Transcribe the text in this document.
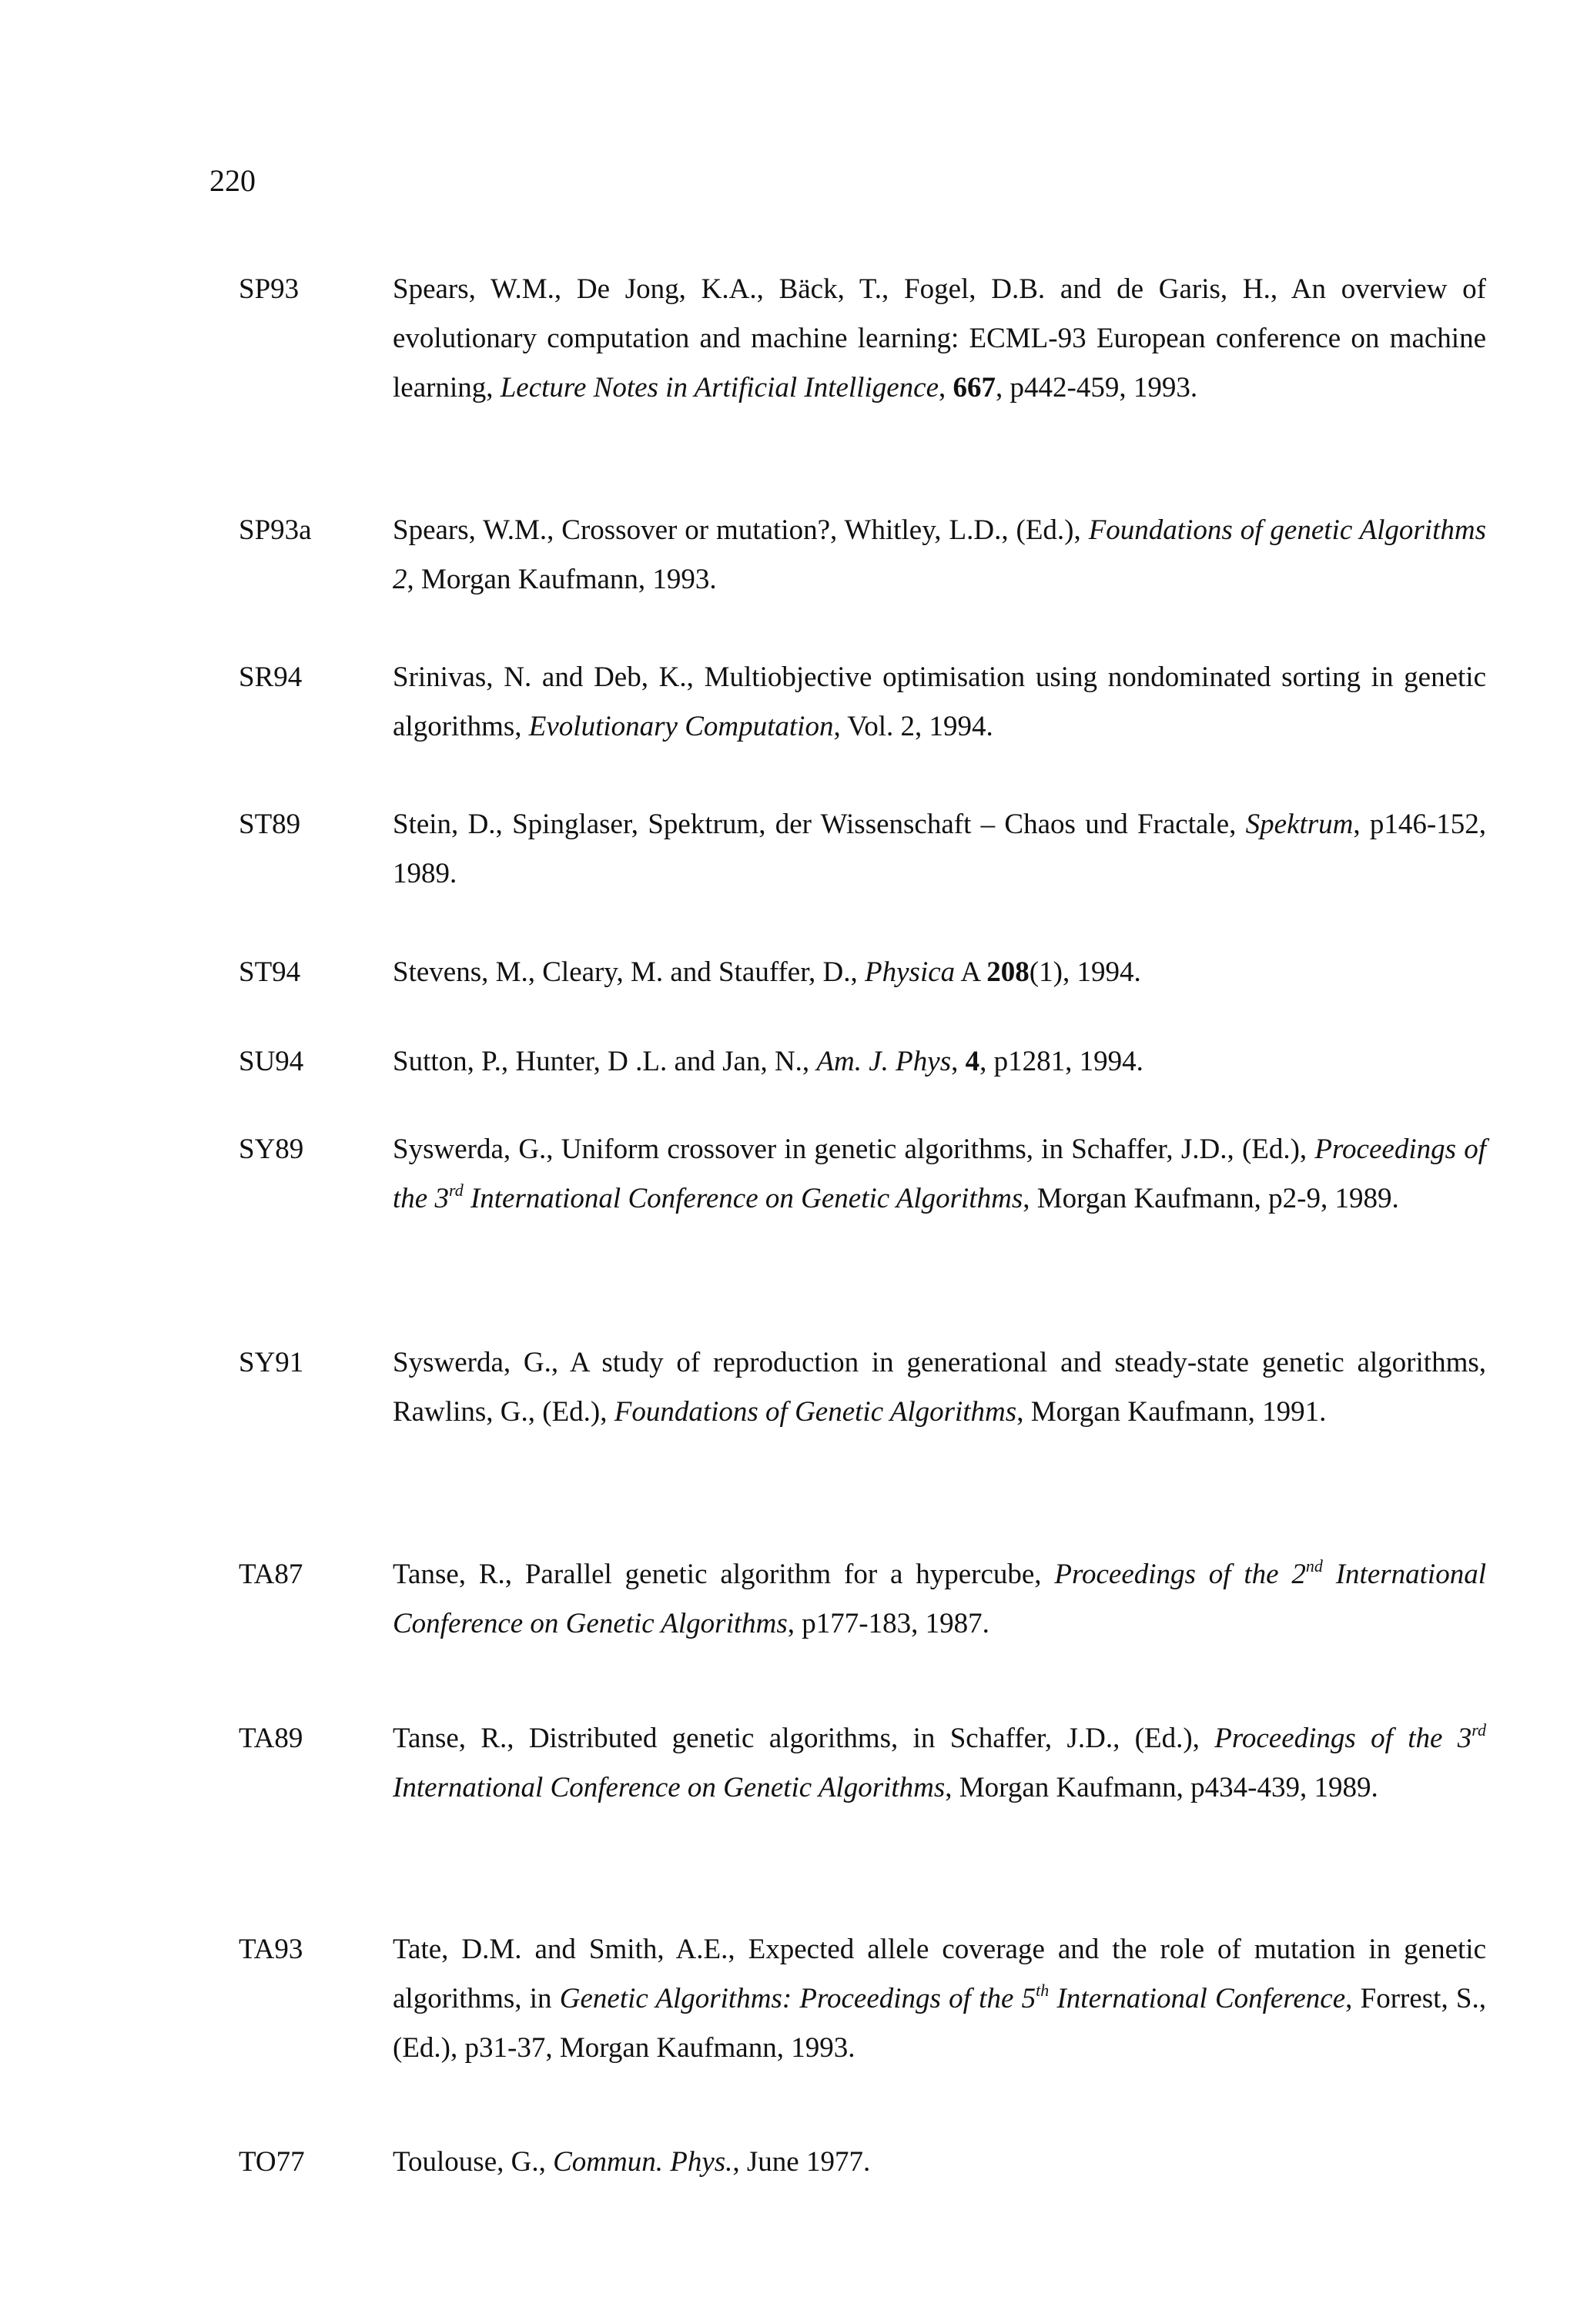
220
SP93	Spears, W.M., De Jong, K.A., Bäck, T., Fogel, D.B. and de Garis, H., An overview of evolutionary computation and machine learning: ECML-93 European conference on machine learning, Lecture Notes in Artificial Intelligence, 667, p442-459, 1993.
SP93a	Spears, W.M., Crossover or mutation?, Whitley, L.D., (Ed.), Foundations of genetic Algorithms 2, Morgan Kaufmann, 1993.
SR94	Srinivas, N. and Deb, K., Multiobjective optimisation using nondominated sorting in genetic algorithms, Evolutionary Computation, Vol. 2, 1994.
ST89	Stein, D., Spinglaser, Spektrum, der Wissenschaft – Chaos und Fractale, Spektrum, p146-152, 1989.
ST94	Stevens, M., Cleary, M. and Stauffer, D., Physica A 208(1), 1994.
SU94	Sutton, P., Hunter, D .L. and Jan, N., Am. J. Phys, 4, p1281, 1994.
SY89	Syswerda, G., Uniform crossover in genetic algorithms, in Schaffer, J.D., (Ed.), Proceedings of the 3rd International Conference on Genetic Algorithms, Morgan Kaufmann, p2-9, 1989.
SY91	Syswerda, G., A study of reproduction in generational and steady-state genetic algorithms, Rawlins, G., (Ed.), Foundations of Genetic Algorithms, Morgan Kaufmann, 1991.
TA87	Tanse, R., Parallel genetic algorithm for a hypercube, Proceedings of the 2nd International Conference on Genetic Algorithms, p177-183, 1987.
TA89	Tanse, R., Distributed genetic algorithms, in Schaffer, J.D., (Ed.), Proceedings of the 3rd International Conference on Genetic Algorithms, Morgan Kaufmann, p434-439, 1989.
TA93	Tate, D.M. and Smith, A.E., Expected allele coverage and the role of mutation in genetic algorithms, in Genetic Algorithms: Proceedings of the 5th International Conference, Forrest, S., (Ed.), p31-37, Morgan Kaufmann, 1993.
TO77	Toulouse, G., Commun. Phys., June 1977.
